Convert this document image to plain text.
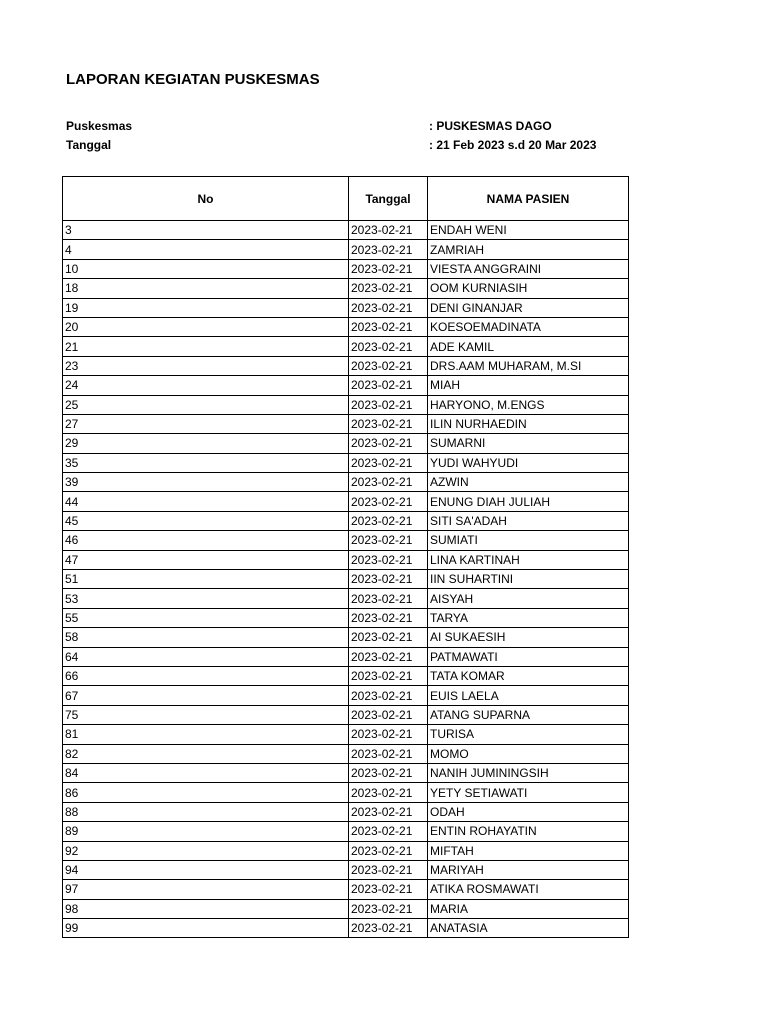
LAPORAN KEGIATAN PUSKESMAS
Puskesmas	: PUSKESMAS DAGO
Tanggal	: 21 Feb 2023 s.d 20 Mar 2023
No	Tanggal	NAMA PASIEN
3	2023-02-21	ENDAH WENI
4	2023-02-21	ZAMRIAH
10	2023-02-21	VIESTA ANGGRAINI
18	2023-02-21	OOM KURNIASIH
19	2023-02-21	DENI GINANJAR
20	2023-02-21	KOESOEMADINATA
21	2023-02-21	ADE KAMIL
23	2023-02-21	DRS.AAM MUHARAM, M.SI
24	2023-02-21	MIAH
25	2023-02-21	HARYONO, M.ENGS
27	2023-02-21	ILIN NURHAEDIN
29	2023-02-21	SUMARNI
35	2023-02-21	YUDI WAHYUDI
39	2023-02-21	AZWIN
44	2023-02-21	ENUNG DIAH JULIAH
45	2023-02-21	SITI SA'ADAH
46	2023-02-21	SUMIATI
47	2023-02-21	LINA KARTINAH
51	2023-02-21	IIN SUHARTINI
53	2023-02-21	AISYAH
55	2023-02-21	TARYA
58	2023-02-21	AI SUKAESIH
64	2023-02-21	PATMAWATI
66	2023-02-21	TATA KOMAR
67	2023-02-21	EUIS LAELA
75	2023-02-21	ATANG SUPARNA
81	2023-02-21	TURISA
82	2023-02-21	MOMO
84	2023-02-21	NANIH JUMININGSIH
86	2023-02-21	YETY SETIAWATI
88	2023-02-21	ODAH
89	2023-02-21	ENTIN ROHAYATIN
92	2023-02-21	MIFTAH
94	2023-02-21	MARIYAH
97	2023-02-21	ATIKA ROSMAWATI
98	2023-02-21	MARIA
99	2023-02-21	ANATASIA
